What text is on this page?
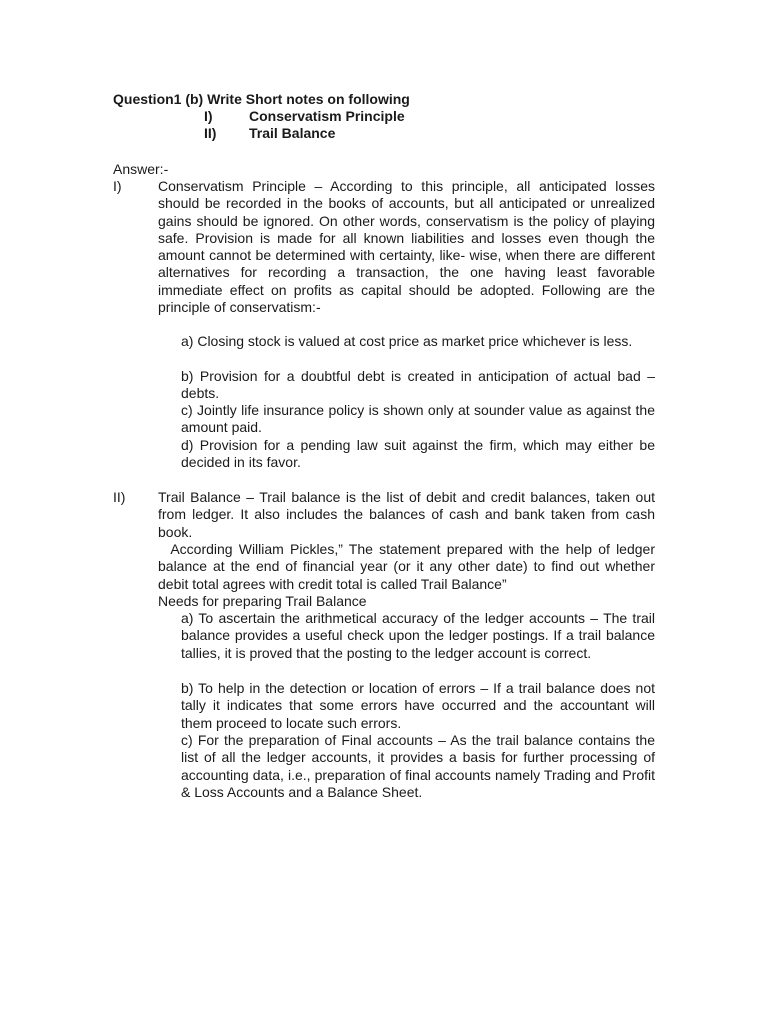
Question1 (b) Write Short notes on following
I)	Conservatism Principle
II) Trail Balance
Answer:-
I)	Conservatism Principle – According to this principle, all anticipated losses should be recorded in the books of accounts, but all anticipated or unrealized gains should be ignored. On other words, conservatism is the policy of playing safe. Provision is made for all known liabilities and losses even though the amount cannot be determined with certainty, like- wise, when there are different alternatives for recording a transaction, the one having least favorable immediate effect on profits as capital should be adopted. Following are the principle of conservatism:-
a) Closing stock is valued at cost price as market price whichever is less.
b) Provision for a doubtful debt is created in anticipation of actual bad – debts.
c) Jointly life insurance policy is shown only at sounder value as against the amount paid.
d) Provision for a pending law suit against the firm, which may either be decided in its favor.
II) Trail Balance – Trail balance is the list of debit and credit balances, taken out from ledger. It also includes the balances of cash and bank taken from cash book.
According William Pickles,” The statement prepared with the help of ledger balance at the end of financial year (or it any other date) to find out whether debit total agrees with credit total is called Trail Balance”
Needs for preparing Trail Balance
a) To ascertain the arithmetical accuracy of the ledger accounts – The trail balance provides a useful check upon the ledger postings. If a trail balance tallies, it is proved that the posting to the ledger account is correct.
b) To help in the detection or location of errors – If a trail balance does not tally it indicates that some errors have occurred and the accountant will them proceed to locate such errors.
c) For the preparation of Final accounts – As the trail balance contains the list of all the ledger accounts, it provides a basis for further processing of accounting data, i.e., preparation of final accounts namely Trading and Profit & Loss Accounts and a Balance Sheet.
